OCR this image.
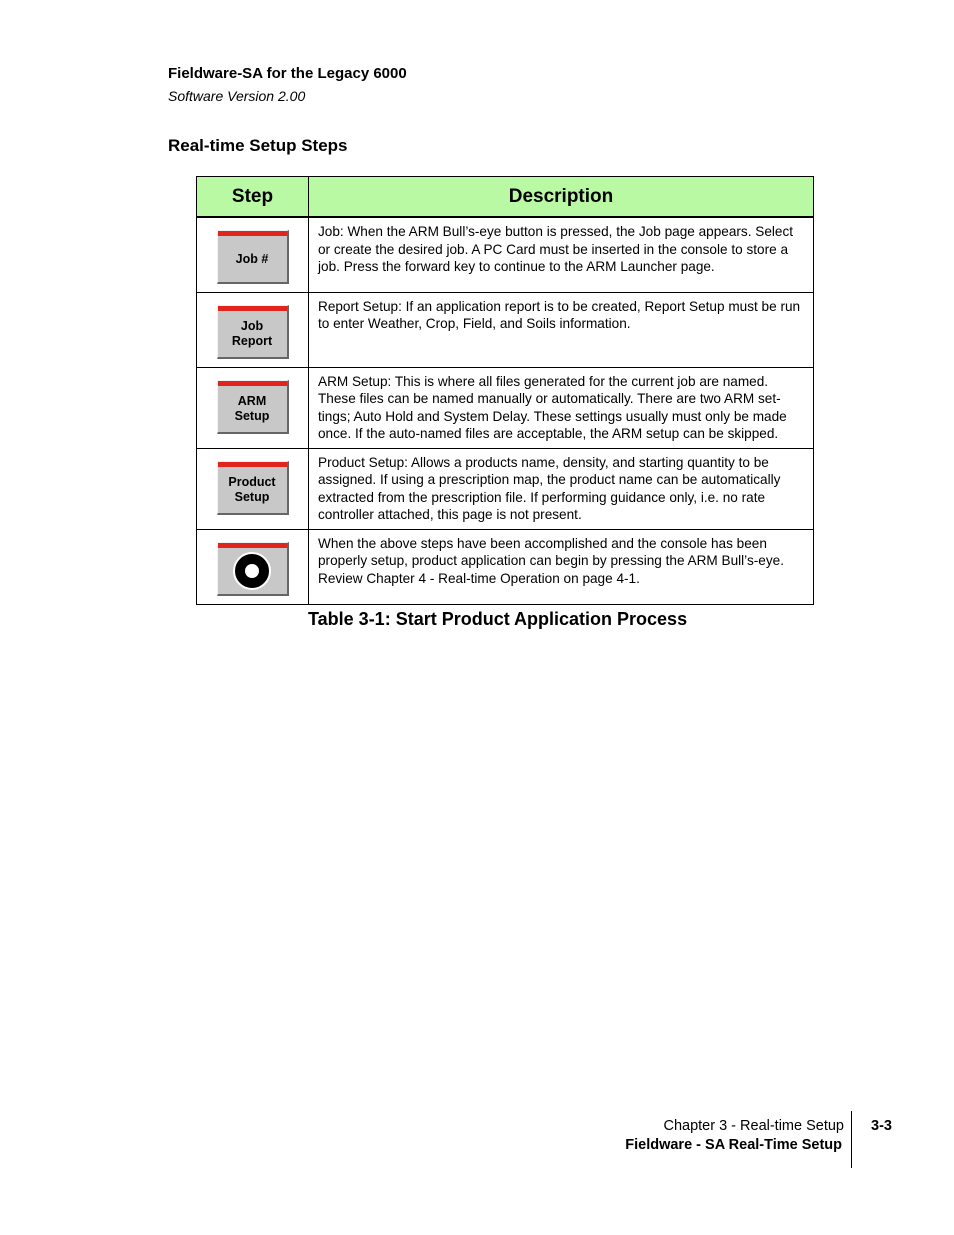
Fieldware-SA for the Legacy 6000
Software Version 2.00
Real-time Setup Steps
Step	Description

Job #	Job: When the ARM Bull’s-eye button is pressed, the Job page appears. Select or create the desired job. A PC Card must be inserted in the console to store a job. Press the forward key to continue to the ARM Launcher page.

Job Report	Report Setup: If an application report is to be created, Report Setup must be run to enter Weather, Crop, Field, and Soils information.

ARM Setup	ARM Setup: This is where all files generated for the current job are named. These files can be named manually or automatically. There are two ARM set-tings; Auto Hold and System Delay. These settings usually must only be made once. If the auto-named files are acceptable, the ARM setup can be skipped.

Product Setup	Product Setup: Allows a products name, density, and starting quantity to be assigned. If using a prescription map, the product name can be automatically extracted from the prescription file. If performing guidance only, i.e. no rate controller attached, this page is not present.

	When the above steps have been accomplished and the console has been properly setup, product application can begin by pressing the ARM Bull’s-eye. Review Chapter 4 - Real-time Operation on page 4-1.
Table 3-1: Start Product Application Process
Chapter 3 - Real-time Setup
Fieldware - SA Real-Time Setup
3-3
